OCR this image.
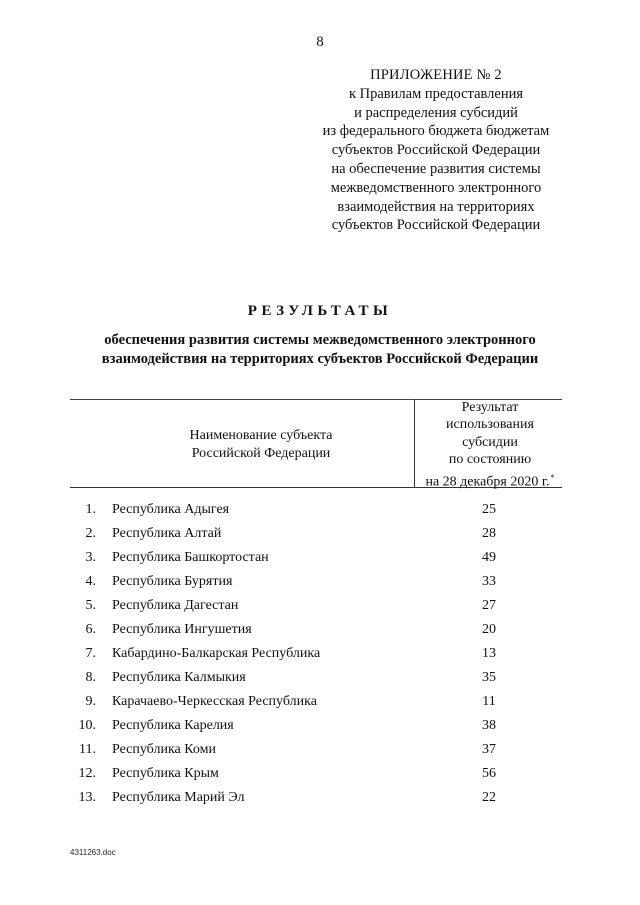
8
ПРИЛОЖЕНИЕ № 2
к Правилам предоставления
и распределения субсидий
из федерального бюджета бюджетам
субъектов Российской Федерации
на обеспечение развития системы
межведомственного электронного
взаимодействия на территориях
субъектов Российской Федерации
РЕЗУЛЬТАТЫ
обеспечения развития системы межведомственного электронного
взаимодействия на территориях субъектов Российской Федерации
Наименование субъекта
Российской Федерации
Результат
использования
субсидии
по состоянию
на 28 декабря 2020 г.*
1. Республика Адыгея	25
2. Республика Алтай	28
3. Республика Башкортостан	49
4. Республика Бурятия	33
5. Республика Дагестан	27
6. Республика Ингушетия	20
7. Кабардино-Балкарская Республика	13
8. Республика Калмыкия	35
9. Карачаево-Черкесская Республика	11
10. Республика Карелия	38
11. Республика Коми	37
12. Республика Крым	56
13. Республика Марий Эл	22
4311263.doc
